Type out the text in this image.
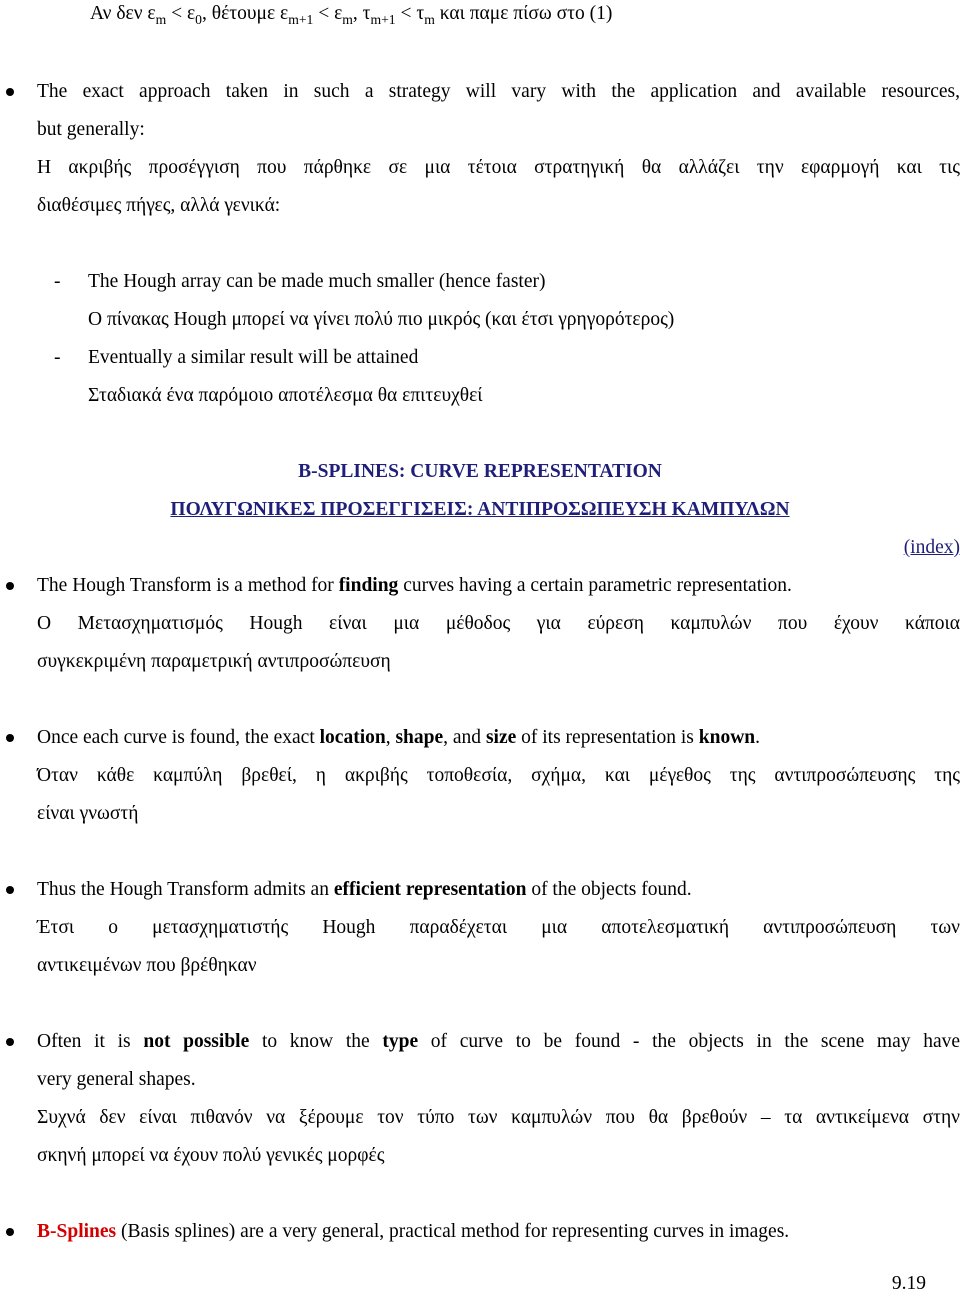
Αν δεν $\varepsilon_m < \varepsilon_0$, θέτουμε $\varepsilon_{m+1} < \varepsilon_m$, $\tau_{m+1} < \tau_m$ και παμε πίσω στο (1)
The exact approach taken in such a strategy will vary with the application and available resources,
but generally:
Η ακριβής προσέγγιση που πάρθηκε σε μια τέτοια στρατηγική θα αλλάζει την εφαρμογή και τις
διαθέσιμες πήγες, αλλά γενικά:
- The Hough array can be made much smaller (hence faster)
Ο πίνακας Hough μπορεί να γίνει πολύ πιο μικρός (και έτσι γρηγορότερος)
- Eventually a similar result will be attained
Σταδιακά ένα παρόμοιο αποτέλεσμα θα επιτευχθεί
B-SPLINES: CURVE REPRESENTATION
ΠΟΛΥΓΩΝΙΚΕΣ ΠΡΟΣΕΓΓΙΣΕΙΣ: ΑΝΤΙΠΡΟΣΩΠΕΥΣΗ ΚΑΜΠΥΛΩΝ
(index)
The Hough Transform is a method for finding curves having a certain parametric representation.
Ο Μετασχηματισμός Hough είναι μια μέθοδος για εύρεση καμπυλών που έχουν κάποια
συγκεκριμένη παραμετρική αντιπροσώπευση
Once each curve is found, the exact location, shape, and size of its representation is known.
Όταν κάθε καμπύλη βρεθεί, η ακριβής τοποθεσία, σχήμα, και μέγεθος της αντιπροσώπευσης της
είναι γνωστή
Thus the Hough Transform admits an efficient representation of the objects found.
Έτσι ο μετασχηματιστής Hough παραδέχεται μια αποτελεσματική αντιπροσώπευση των
αντικειμένων που βρέθηκαν
Often it is not possible to know the type of curve to be found - the objects in the scene may have
very general shapes.
Συχνά δεν είναι πιθανόν να ξέρουμε τον τύπο των καμπυλών που θα βρεθούν – τα αντικείμενα στην
σκηνή μπορεί να έχουν πολύ γενικές μορφές
B-Splines (Basis splines) are a very general, practical method for representing curves in images.
9.19
